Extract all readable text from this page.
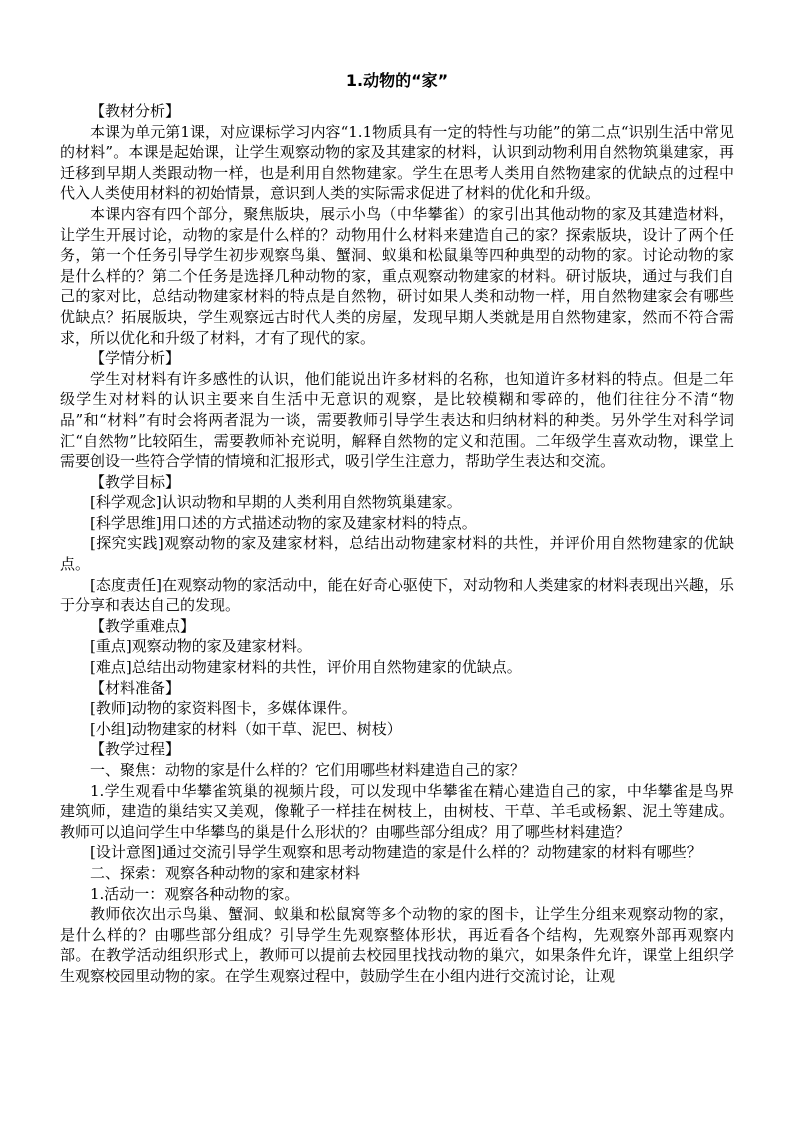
1.动物的“家”
【教材分析】

本课为单元第1课，对应课标学习内容“1.1物质具有一定的特性与功能”的第二点“识别生活中常见的材料”。本课是起始课，让学生观察动物的家及其建家的材料，认识到动物利用自然物筑巢建家，再迁移到早期人类跟动物一样，也是利用自然物建家。学生在思考人类用自然物建家的优缺点的过程中代入人类使用材料的初始情景，意识到人类的实际需求促进了材料的优化和升级。

本课内容有四个部分，聚焦版块，展示小鸟（中华攀雀）的家引出其他动物的家及其建造材料，让学生开展讨论，动物的家是什么样的？动物用什么材料来建造自己的家？探索版块，设计了两个任务，第一个任务引导学生初步观察鸟巢、蟹洞、蚁巢和松鼠巢等四种典型的动物的家。讨论动物的家是什么样的？第二个任务是选择几种动物的家，重点观察动物建家的材料。研讨版块，通过与我们自己的家对比，总结动物建家材料的特点是自然物，研讨如果人类和动物一样，用自然物建家会有哪些优缺点？拓展版块，学生观察远古时代人类的房屋，发现早期人类就是用自然物建家，然而不符合需求，所以优化和升级了材料，才有了现代的家。

【学情分析】

学生对材料有许多感性的认识，他们能说出许多材料的名称，也知道许多材料的特点。但是二年级学生对材料的认识主要来自生活中无意识的观察，是比较模糊和零碎的，他们往往分不清“物品”和“材料”有时会将两者混为一谈，需要教师引导学生表达和归纳材料的种类。另外学生对科学词汇“自然物”比较陌生，需要教师补充说明，解释自然物的定义和范围。二年级学生喜欢动物，课堂上需要创设一些符合学情的情境和汇报形式，吸引学生注意力，帮助学生表达和交流。

【教学目标】

[科学观念]认识动物和早期的人类利用自然物筑巢建家。

[科学思维]用口述的方式描述动物的家及建家材料的特点。

[探究实践]观察动物的家及建家材料，总结出动物建家材料的共性，并评价用自然物建家的优缺点。

[态度责任]在观察动物的家活动中，能在好奇心驱使下，对动物和人类建家的材料表现出兴趣，乐于分享和表达自己的发现。

【教学重难点】

[重点]观察动物的家及建家材料。

[难点]总结出动物建家材料的共性，评价用自然物建家的优缺点。

【材料准备】

[教师]动物的家资料图卡，多媒体课件。

[小组]动物建家的材料（如干草、泥巴、树枝）

【教学过程】

一、聚焦：动物的家是什么样的？它们用哪些材料建造自己的家？

1.学生观看中华攀雀筑巢的视频片段，可以发现中华攀雀在精心建造自己的家，中华攀雀是鸟界建筑师，建造的巢结实又美观，像靴子一样挂在树枝上，由树枝、干草、羊毛或杨絮、泥土等建成。教师可以追问学生中华攀鸟的巢是什么形状的？由哪些部分组成？用了哪些材料建造？

[设计意图]通过交流引导学生观察和思考动物建造的家是什么样的？动物建家的材料有哪些？

二、探索：观察各种动物的家和建家材料

1.活动一：观察各种动物的家。

教师依次出示鸟巢、蟹洞、蚁巢和松鼠窝等多个动物的家的图卡，让学生分组来观察动物的家，是什么样的？由哪些部分组成？引导学生先观察整体形状，再近看各个结构，先观察外部再观察内部。在教学活动组织形式上，教师可以提前去校园里找找动物的巢穴，如果条件允许，课堂上组织学生观察校园里动物的家。在学生观察过程中，鼓励学生在小组内进行交流讨论，让观
